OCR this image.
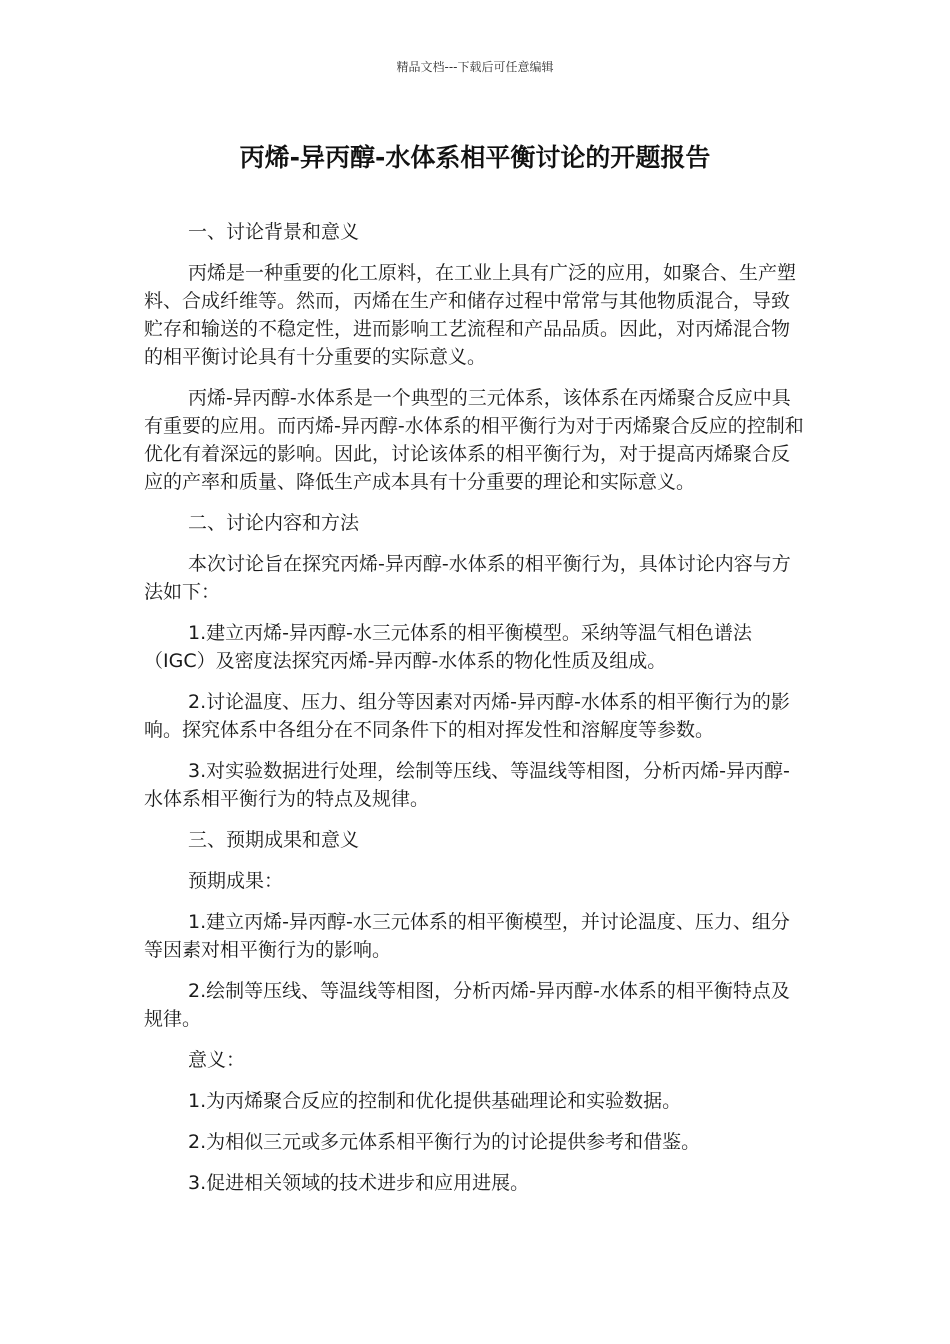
精品文档---下载后可任意编辑
丙烯-异丙醇-水体系相平衡讨论的开题报告

一、讨论背景和意义

丙烯是一种重要的化工原料，在工业上具有广泛的应用，如聚合、生产塑料、合成纤维等。然而，丙烯在生产和储存过程中常常与其他物质混合，导致贮存和输送的不稳定性，进而影响工艺流程和产品品质。因此，对丙烯混合物的相平衡讨论具有十分重要的实际意义。

丙烯-异丙醇-水体系是一个典型的三元体系，该体系在丙烯聚合反应中具有重要的应用。而丙烯-异丙醇-水体系的相平衡行为对于丙烯聚合反应的控制和优化有着深远的影响。因此，讨论该体系的相平衡行为，对于提高丙烯聚合反应的产率和质量、降低生产成本具有十分重要的理论和实际意义。

二、讨论内容和方法

本次讨论旨在探究丙烯-异丙醇-水体系的相平衡行为，具体讨论内容与方法如下：

1.建立丙烯-异丙醇-水三元体系的相平衡模型。采纳等温气相色谱法（IGC）及密度法探究丙烯-异丙醇-水体系的物化性质及组成。

2.讨论温度、压力、组分等因素对丙烯-异丙醇-水体系的相平衡行为的影响。探究体系中各组分在不同条件下的相对挥发性和溶解度等参数。

3.对实验数据进行处理，绘制等压线、等温线等相图，分析丙烯-异丙醇-水体系相平衡行为的特点及规律。

三、预期成果和意义

预期成果：

1.建立丙烯-异丙醇-水三元体系的相平衡模型，并讨论温度、压力、组分等因素对相平衡行为的影响。

2.绘制等压线、等温线等相图，分析丙烯-异丙醇-水体系的相平衡特点及规律。

意义：

1.为丙烯聚合反应的控制和优化提供基础理论和实验数据。

2.为相似三元或多元体系相平衡行为的讨论提供参考和借鉴。

3.促进相关领域的技术进步和应用进展。
